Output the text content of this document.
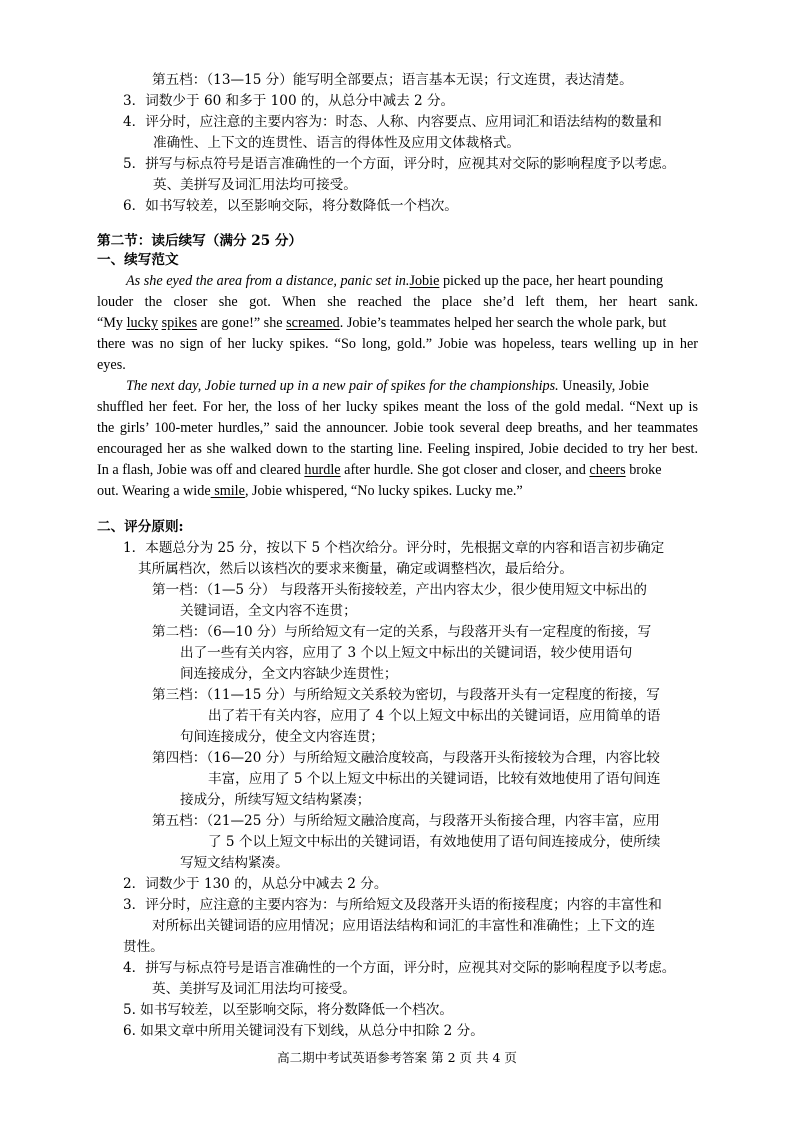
第五档：（13—15 分）能写明全部要点；语言基本无误；行文连贯，表达清楚。
3．词数少于 60 和多于 100 的，从总分中减去 2 分。
4．评分时，应注意的主要内容为：时态、人称、内容要点、应用词汇和语法结构的数量和
准确性、上下文的连贯性、语言的得体性及应用文体裁格式。
5．拼写与标点符号是语言准确性的一个方面，评分时，应视其对交际的影响程度予以考虑。
英、美拼写及词汇用法均可接受。
6．如书写较差，以至影响交际，将分数降低一个档次。
第二节：读后续写（满分 25 分）
一、续写范文
As she eyed the area from a distance, panic set in.Jobie picked up the pace, her heart pounding
louder the closer she got. When she reached the place she’d left them, her heart sank.
“My lucky spikes are gone!” she screamed. Jobie’s teammates helped her search the whole park, but
there was no sign of her lucky spikes. “So long, gold.” Jobie was hopeless, tears welling up in her
eyes.
The next day, Jobie turned up in a new pair of spikes for the championships. Uneasily, Jobie
shuffled her feet. For her, the loss of her lucky spikes meant the loss of the gold medal. “Next up is
the girls’ 100-meter hurdles,” said the announcer. Jobie took several deep breaths, and her teammates
encouraged her as she walked down to the starting line. Feeling inspired, Jobie decided to try her best.
In a flash, Jobie was off and cleared hurdle after hurdle. She got closer and closer, and cheers broke
out. Wearing a wide smile, Jobie whispered, “No lucky spikes. Lucky me.”
二、评分原则:
1．本题总分为 25 分，按以下 5 个档次给分。评分时，先根据文章的内容和语言初步确定
其所属档次，然后以该档次的要求来衡量，确定或调整档次，最后给分。
第一档：（1—5 分） 与段落开头衔接较差，产出内容太少，很少使用短文中标出的
关键词语，全文内容不连贯；
第二档：（6—10 分）与所给短文有一定的关系，与段落开头有一定程度的衔接，写
出了一些有关内容，应用了 3 个以上短文中标出的关键词语，较少使用语句
间连接成分，全文内容缺少连贯性；
第三档：（11—15 分）与所给短文关系较为密切，与段落开头有一定程度的衔接，写
出了若干有关内容，应用了 4 个以上短文中标出的关键词语，应用简单的语
句间连接成分，使全文内容连贯；
第四档：（16—20 分）与所给短文融洽度较高，与段落开头衔接较为合理，内容比较
丰富，应用了 5 个以上短文中标出的关键词语，比较有效地使用了语句间连
接成分，所续写短文结构紧凑；
第五档：（21—25 分）与所给短文融洽度高，与段落开头衔接合理，内容丰富，应用
了 5 个以上短文中标出的关键词语，有效地使用了语句间连接成分，使所续
写短文结构紧凑。
2．词数少于 130 的，从总分中减去 2 分。
3．评分时，应注意的主要内容为：与所给短文及段落开头语的衔接程度；内容的丰富性和
对所标出关键词语的应用情况；应用语法结构和词汇的丰富性和准确性；上下文的连
贯性。
4．拼写与标点符号是语言准确性的一个方面，评分时，应视其对交际的影响程度予以考虑。
英、美拼写及词汇用法均可接受。
5. 如书写较差，以至影响交际，将分数降低一个档次。
6. 如果文章中所用关键词没有下划线，从总分中扣除 2 分。
高二期中考试英语参考答案 第 2 页 共 4 页
